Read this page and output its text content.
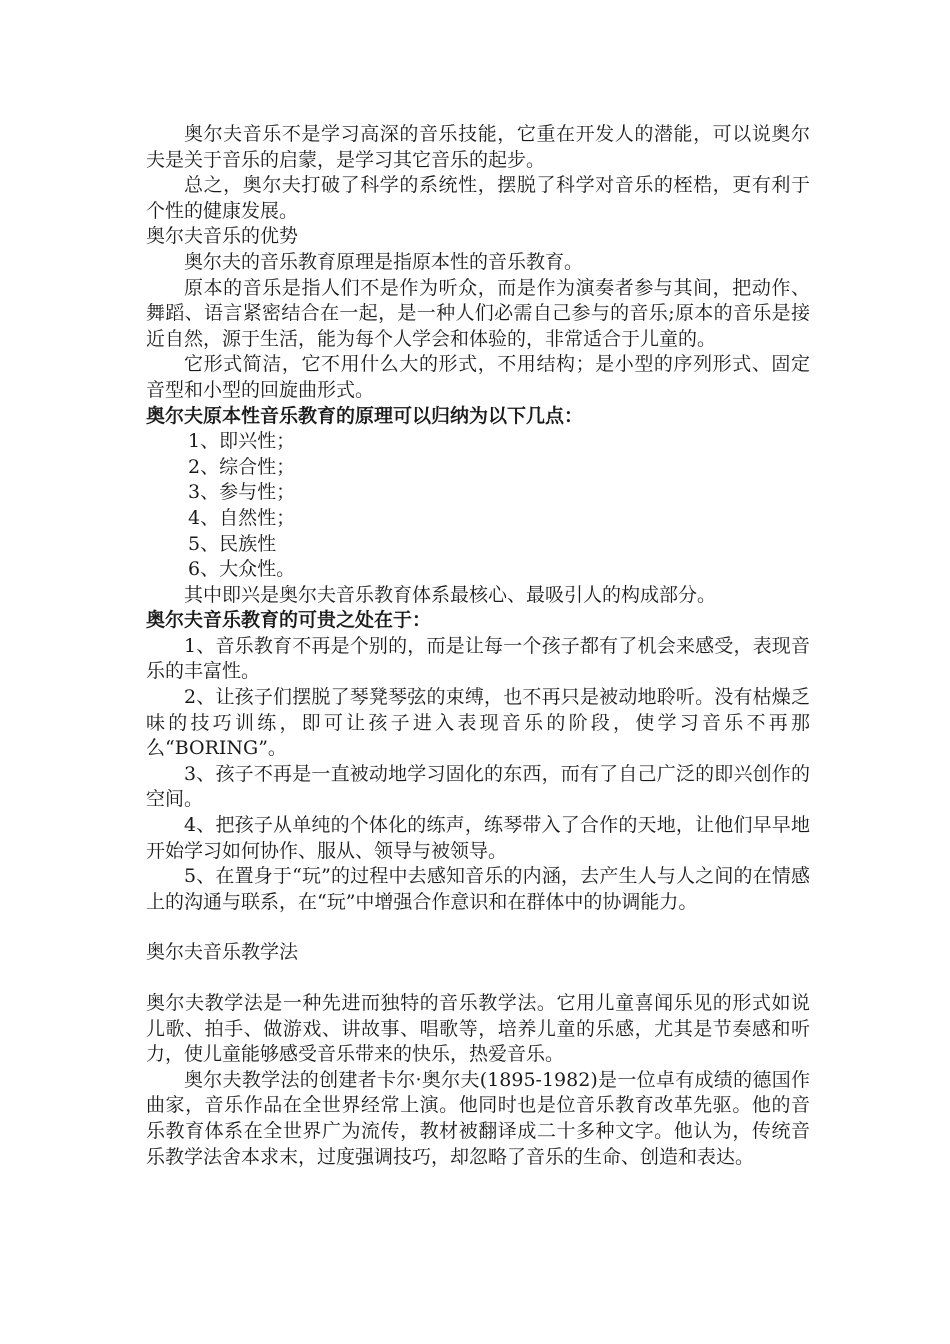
奥尔夫音乐不是学习高深的音乐技能，它重在开发人的潜能，可以说奥尔夫是关于音乐的启蒙，是学习其它音乐的起步。

总之，奥尔夫打破了科学的系统性，摆脱了科学对音乐的桎梏，更有利于个性的健康发展。

奥尔夫音乐的优势

奥尔夫的音乐教育原理是指原本性的音乐教育。

原本的音乐是指人们不是作为听众，而是作为演奏者参与其间，把动作、舞蹈、语言紧密结合在一起，是一种人们必需自己参与的音乐;原本的音乐是接近自然，源于生活，能为每个人学会和体验的，非常适合于儿童的。

它形式简洁，它不用什么大的形式，不用结构；是小型的序列形式、固定音型和小型的回旋曲形式。

奥尔夫原本性音乐教育的原理可以归纳为以下几点：

1、即兴性；

2、综合性；

3、参与性；

4、自然性；

5、民族性

6、大众性。

其中即兴是奥尔夫音乐教育体系最核心、最吸引人的构成部分。

奥尔夫音乐教育的可贵之处在于：

1、音乐教育不再是个别的，而是让每一个孩子都有了机会来感受，表现音乐的丰富性。

2、让孩子们摆脱了琴凳琴弦的束缚，也不再只是被动地聆听。没有枯燥乏味的技巧训练，即可让孩子进入表现音乐的阶段，使学习音乐不再那么“BORING”。

3、孩子不再是一直被动地学习固化的东西，而有了自己广泛的即兴创作的空间。

4、把孩子从单纯的个体化的练声，练琴带入了合作的天地，让他们早早地开始学习如何协作、服从、领导与被领导。

5、在置身于“玩”的过程中去感知音乐的内涵，去产生人与人之间的在情感上的沟通与联系，在“玩”中增强合作意识和在群体中的协调能力。

奥尔夫音乐教学法

奥尔夫教学法是一种先进而独特的音乐教学法。它用儿童喜闻乐见的形式如说儿歌、拍手、做游戏、讲故事、唱歌等，培养儿童的乐感，尤其是节奏感和听力，使儿童能够感受音乐带来的快乐，热爱音乐。

奥尔夫教学法的创建者卡尔·奥尔夫(1895-1982)是一位卓有成绩的德国作曲家，音乐作品在全世界经常上演。他同时也是位音乐教育改革先驱。他的音乐教育体系在全世界广为流传，教材被翻译成二十多种文字。他认为，传统音乐教学法舍本求末，过度强调技巧，却忽略了音乐的生命、创造和表达。
